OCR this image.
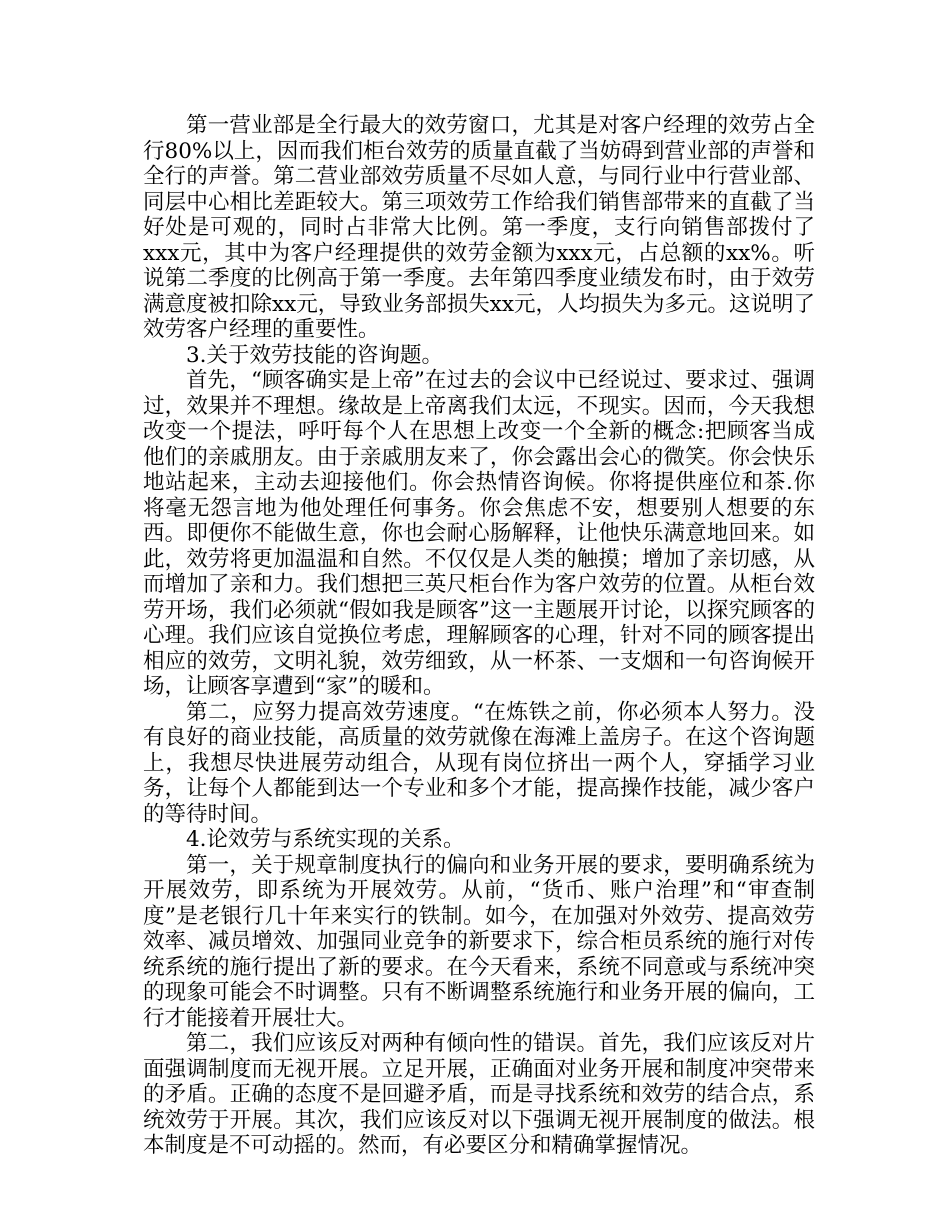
第一营业部是全行最大的效劳窗口，尤其是对客户经理的效劳占全行80%以上，因而我们柜台效劳的质量直截了当妨碍到营业部的声誉和全行的声誉。第二营业部效劳质量不尽如人意，与同行业中行营业部、同层中心相比差距较大。第三项效劳工作给我们销售部带来的直截了当好处是可观的，同时占非常大比例。第一季度，支行向销售部拨付了xxx元，其中为客户经理提供的效劳金额为xxx元，占总额的xx%。听说第二季度的比例高于第一季度。去年第四季度业绩发布时，由于效劳满意度被扣除xx元，导致业务部损失xx元，人均损失为多元。这说明了效劳客户经理的重要性。

3.关于效劳技能的咨询题。

首先，“顾客确实是上帝”在过去的会议中已经说过、要求过、强调过，效果并不理想。缘故是上帝离我们太远，不现实。因而，今天我想改变一个提法，呼吁每个人在思想上改变一个全新的概念:把顾客当成他们的亲戚朋友。由于亲戚朋友来了，你会露出会心的微笑。你会快乐地站起来，主动去迎接他们。你会热情咨询候。你将提供座位和茶.你将毫无怨言地为他处理任何事务。你会焦虑不安，想要别人想要的东西。即便你不能做生意，你也会耐心肠解释，让他快乐满意地回来。如此，效劳将更加温温和自然。不仅仅是人类的触摸；增加了亲切感，从而增加了亲和力。我们想把三英尺柜台作为客户效劳的位置。从柜台效劳开场，我们必须就“假如我是顾客”这一主题展开讨论，以探究顾客的心理。我们应该自觉换位考虑，理解顾客的心理，针对不同的顾客提出相应的效劳，文明礼貌，效劳细致，从一杯茶、一支烟和一句咨询候开场，让顾客享遭到“家”的暖和。

第二，应努力提高效劳速度。“在炼铁之前，你必须本人努力。没有良好的商业技能，高质量的效劳就像在海滩上盖房子。在这个咨询题上，我想尽快进展劳动组合，从现有岗位挤出一两个人，穿插学习业务，让每个人都能到达一个专业和多个才能，提高操作技能，减少客户的等待时间。

4.论效劳与系统实现的关系。

第一，关于规章制度执行的偏向和业务开展的要求，要明确系统为开展效劳，即系统为开展效劳。从前，“货币、账户治理”和“审查制度”是老银行几十年来实行的铁制。如今，在加强对外效劳、提高效劳效率、减员增效、加强同业竞争的新要求下，综合柜员系统的施行对传统系统的施行提出了新的要求。在今天看来，系统不同意或与系统冲突的现象可能会不时调整。只有不断调整系统施行和业务开展的偏向，工行才能接着开展壮大。

第二，我们应该反对两种有倾向性的错误。首先，我们应该反对片面强调制度而无视开展。立足开展，正确面对业务开展和制度冲突带来的矛盾。正确的态度不是回避矛盾，而是寻找系统和效劳的结合点，系统效劳于开展。其次，我们应该反对以下强调无视开展制度的做法。根本制度是不可动摇的。然而，有必要区分和精确掌握情况。
